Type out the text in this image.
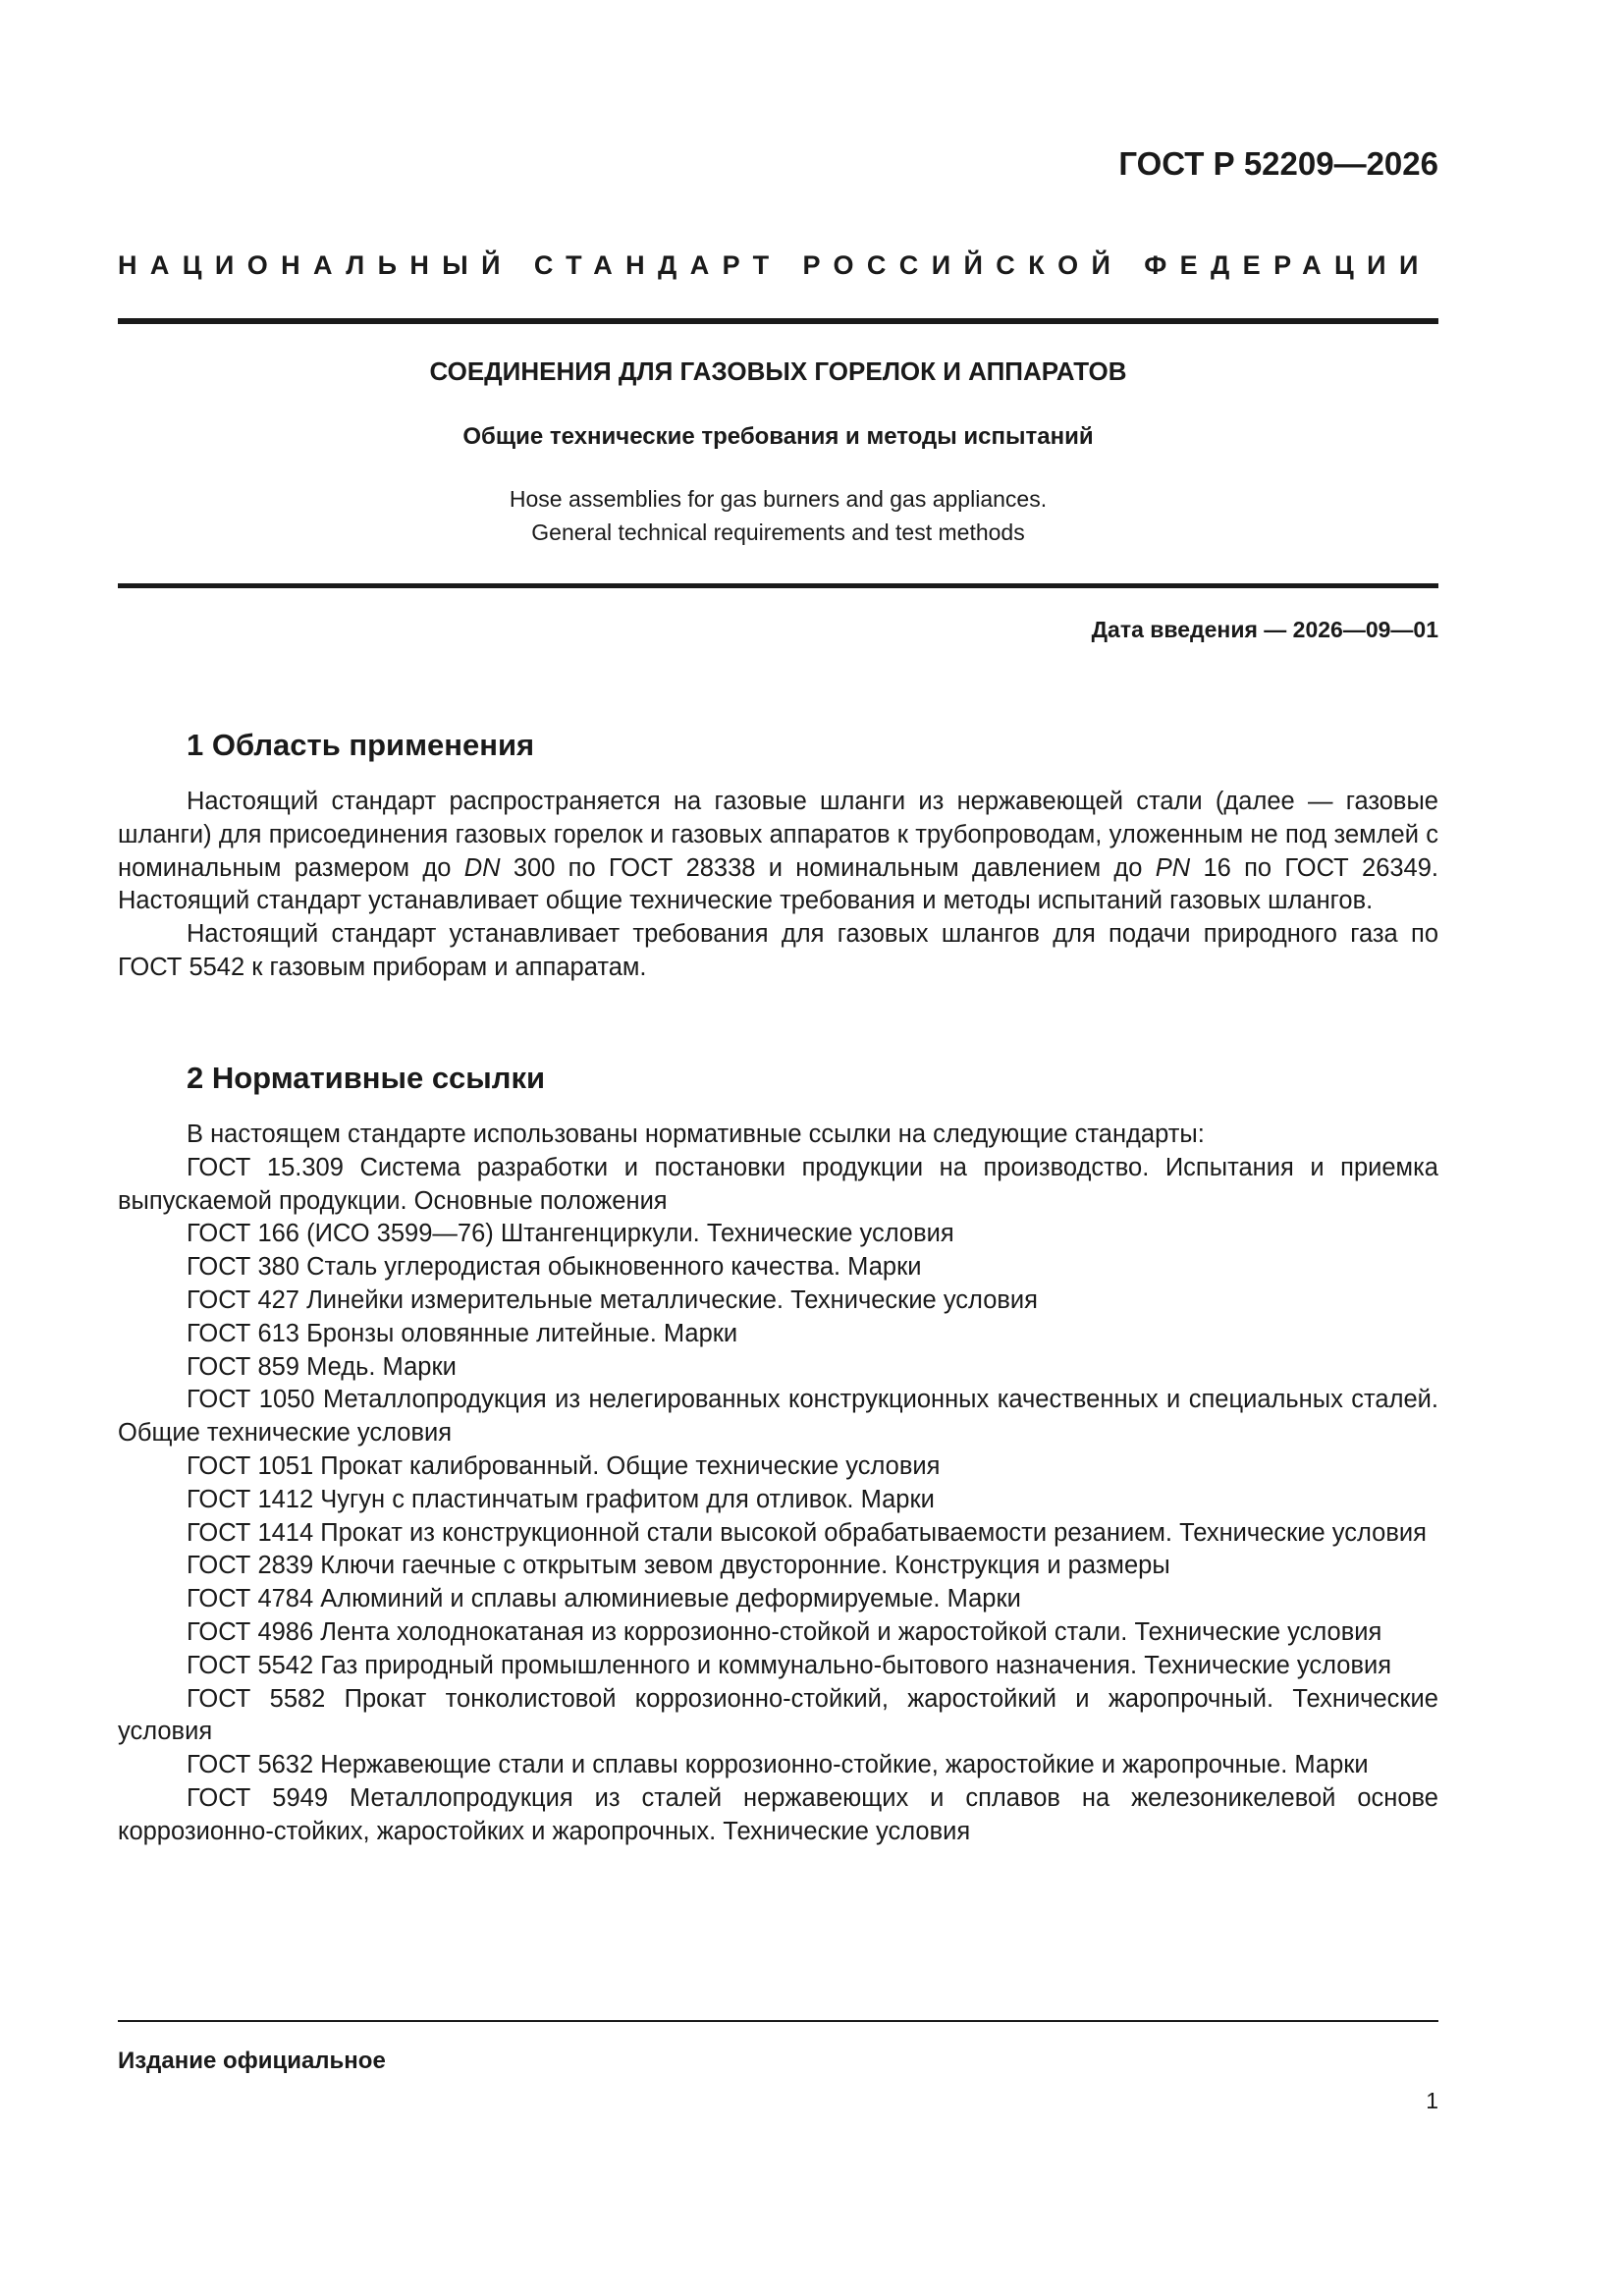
ГОСТ Р 52209—2026
НАЦИОНАЛЬНЫЙ СТАНДАРТ РОССИЙСКОЙ ФЕДЕРАЦИИ
СОЕДИНЕНИЯ ДЛЯ ГАЗОВЫХ ГОРЕЛОК И АППАРАТОВ
Общие технические требования и методы испытаний
Hose assemblies for gas burners and gas appliances.
General technical requirements and test methods
Дата введения — 2026—09—01
1 Область применения

Настоящий стандарт распространяется на газовые шланги из нержавеющей стали (далее — газовые шланги) для присоединения газовых горелок и газовых аппаратов к трубопроводам, уложенным не под землей с номинальным размером до DN 300 по ГОСТ 28338 и номинальным давлением до PN 16 по ГОСТ 26349. Настоящий стандарт устанавливает общие технические требования и методы испытаний газовых шлангов.

Настоящий стандарт устанавливает требования для газовых шлангов для подачи природного газа по ГОСТ 5542 к газовым приборам и аппаратам.

2 Нормативные ссылки

В настоящем стандарте использованы нормативные ссылки на следующие стандарты:

ГОСТ 15.309 Система разработки и постановки продукции на производство. Испытания и приемка выпускаемой продукции. Основные положения

ГОСТ 166 (ИСО 3599—76) Штангенциркули. Технические условия

ГОСТ 380 Сталь углеродистая обыкновенного качества. Марки

ГОСТ 427 Линейки измерительные металлические. Технические условия

ГОСТ 613 Бронзы оловянные литейные. Марки

ГОСТ 859 Медь. Марки

ГОСТ 1050 Металлопродукция из нелегированных конструкционных качественных и специальных сталей. Общие технические условия

ГОСТ 1051 Прокат калиброванный. Общие технические условия

ГОСТ 1412 Чугун с пластинчатым графитом для отливок. Марки

ГОСТ 1414 Прокат из конструкционной стали высокой обрабатываемости резанием. Технические условия

ГОСТ 2839 Ключи гаечные с открытым зевом двусторонние. Конструкция и размеры

ГОСТ 4784 Алюминий и сплавы алюминиевые деформируемые. Марки

ГОСТ 4986 Лента холоднокатаная из коррозионно-стойкой и жаростойкой стали. Технические условия

ГОСТ 5542 Газ природный промышленного и коммунально-бытового назначения. Технические условия

ГОСТ 5582 Прокат тонколистовой коррозионно-стойкий, жаростойкий и жаропрочный. Технические условия

ГОСТ 5632 Нержавеющие стали и сплавы коррозионно-стойкие, жаростойкие и жаропрочные. Марки

ГОСТ 5949 Металлопродукция из сталей нержавеющих и сплавов на железоникелевой основе коррозионно-стойких, жаростойких и жаропрочных. Технические условия

Издание официальное
1
